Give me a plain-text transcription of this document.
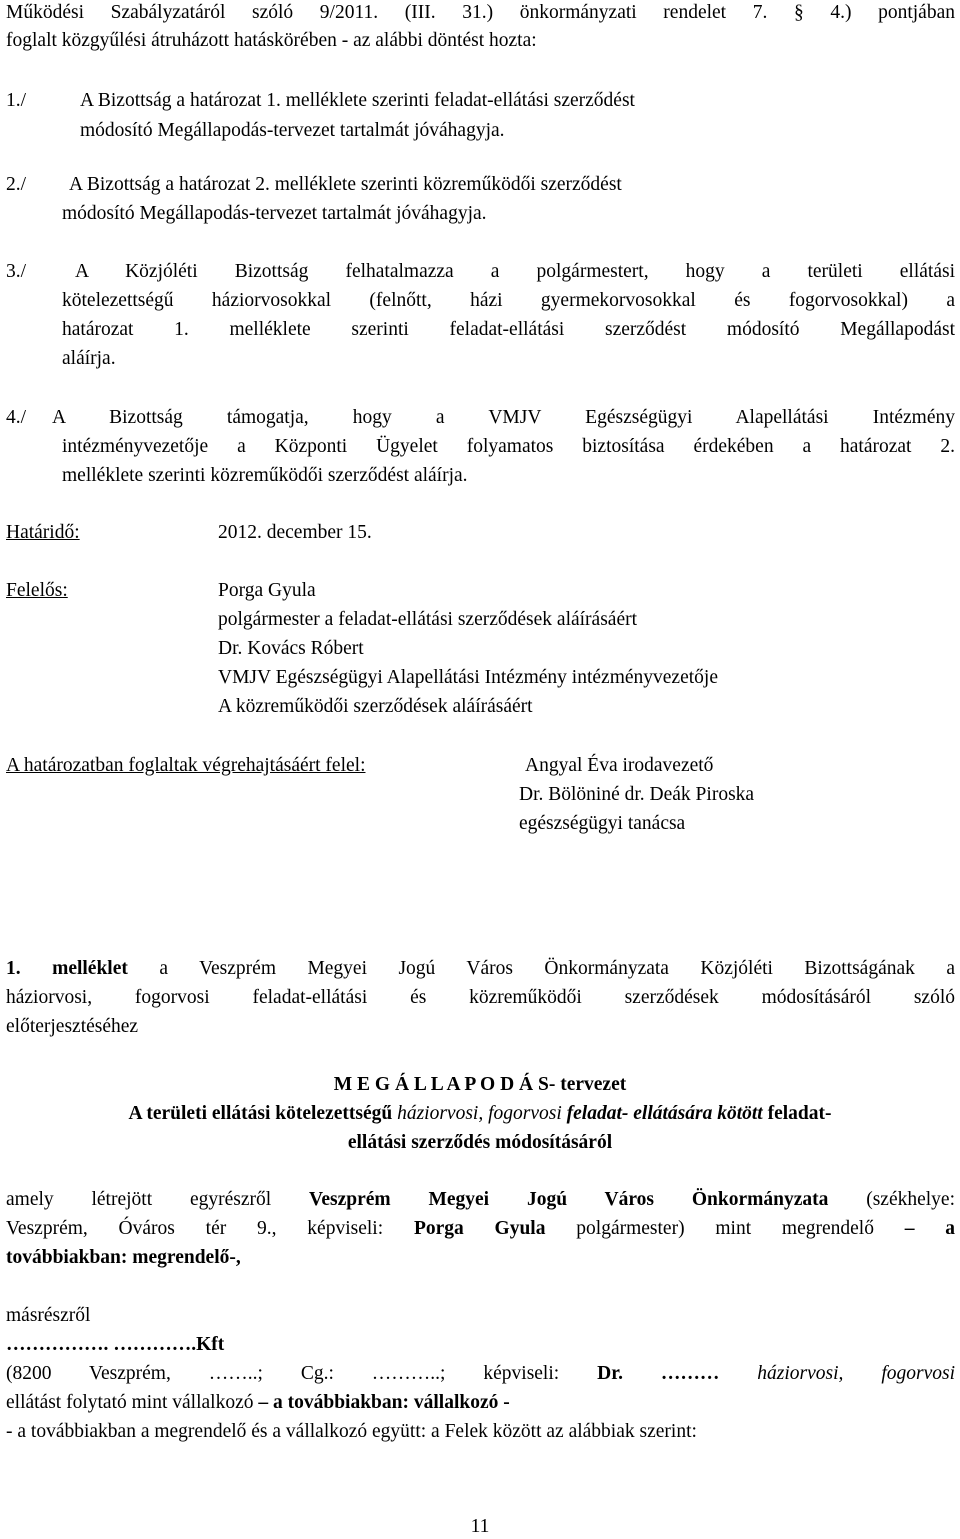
Működési Szabályzatáról szóló 9/2011. (III. 31.) önkormányzati rendelet 7. § 4.) pontjában
foglalt közgyűlési átruházott hatáskörében - az alábbi döntést hozta:
1./	A Bizottság a határozat 1. melléklete szerinti feladat-ellátási szerződést
módosító Megállapodás-tervezet tartalmát jóváhagyja.
2./ A Bizottság a határozat 2. melléklete szerinti közreműködői szerződést
módosító Megállapodás-tervezet tartalmát jóváhagyja.
3./	A Közjóléti Bizottság felhatalmazza a polgármestert, hogy a területi ellátási
kötelezettségű háziorvosokkal (felnőtt, házi gyermekorvosokkal és fogorvosokkal) a
határozat 1. melléklete szerinti feladat-ellátási szerződést módosító Megállapodást
aláírja.
4./ A Bizottság támogatja, hogy a VMJV Egészségügyi Alapellátási Intézmény
intézményvezetője a Központi Ügyelet folyamatos biztosítása érdekében a határozat 2.
melléklete szerinti közreműködői szerződést aláírja.
Határidő:	2012. december 15.
Felelős:	Porga Gyula
polgármester a feladat-ellátási szerződések aláírásáért
Dr. Kovács Róbert
VMJV Egészségügyi Alapellátási Intézmény intézményvezetője
A közreműködői szerződések aláírásáért
A határozatban foglaltak végrehajtásáért felel:	Angyal Éva irodavezető
Dr. Bölöniné dr. Deák Piroska
egészségügyi tanácsa
1. melléklet a Veszprém Megyei Jogú Város Önkormányzata Közjóléti Bizottságának a
háziorvosi, fogorvosi feladat-ellátási és közreműködői szerződések módosításáról szóló
előterjesztéséhez
M E G Á L L A P O D Á S- tervezet
A területi ellátási kötelezettségű háziorvosi, fogorvosi feladat- ellátására kötött feladat-
ellátási szerződés módosításáról
amely létrejött egyrészről Veszprém Megyei Jogú Város Önkormányzata (székhelye:
Veszprém, Óváros tér 9., képviseli: Porga Gyula polgármester) mint megrendelő – a
továbbiakban: megrendelő-,
másrészről
……………. ………….Kft
(8200 Veszprém, ……..; Cg.: ………..; képviseli: Dr. ……… háziorvosi, fogorvosi
ellátást folytató mint vállalkozó – a továbbiakban: vállalkozó -
- a továbbiakban a megrendelő és a vállalkozó együtt: a Felek között az alábbiak szerint:
11
